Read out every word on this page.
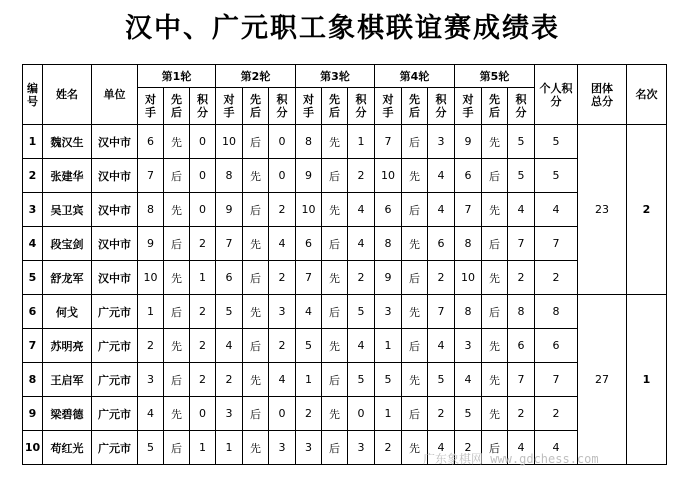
汉中、广元职工象棋联谊赛成绩表
编号	姓名	单位	第1轮			第2轮			第3轮			第4轮			第5轮			个人积分	团体总分	名次
			对手	先后	积分	对手	先后	积分	对手	先后	积分	对手	先后	积分	对手	先后	积分			
1	魏汉生	汉中市	6	先	0	10	后	0	8	先	1	7	后	3	9	先	5	5	23	2
2	张建华	汉中市	7	后	0	8	先	0	9	后	2	10	先	4	6	后	5	5		
3	吴卫宾	汉中市	8	先	0	9	后	2	10	先	4	6	后	4	7	先	4	4		
4	段宝剑	汉中市	9	后	2	7	先	4	6	后	4	8	先	6	8	后	7	7		
5	舒龙军	汉中市	10	先	1	6	后	2	7	先	2	9	后	2	10	先	2	2		
6	何戈	广元市	1	后	2	5	先	3	4	后	5	3	先	7	8	后	8	8	27	1
7	苏明亮	广元市	2	先	2	4	后	2	5	先	4	1	后	4	3	先	6	6		
8	王启军	广元市	3	后	2	2	先	4	1	后	5	5	先	5	4	先	7	7		
9	梁碧德	广元市	4	先	0	3	后	0	2	先	0	1	后	2	5	先	2	2		
10	苟红光	广元市	5	后	1	1	先	3	3	后	3	2	先	4	2	后	4	4		
广东象棋网 www.gdchess.com
